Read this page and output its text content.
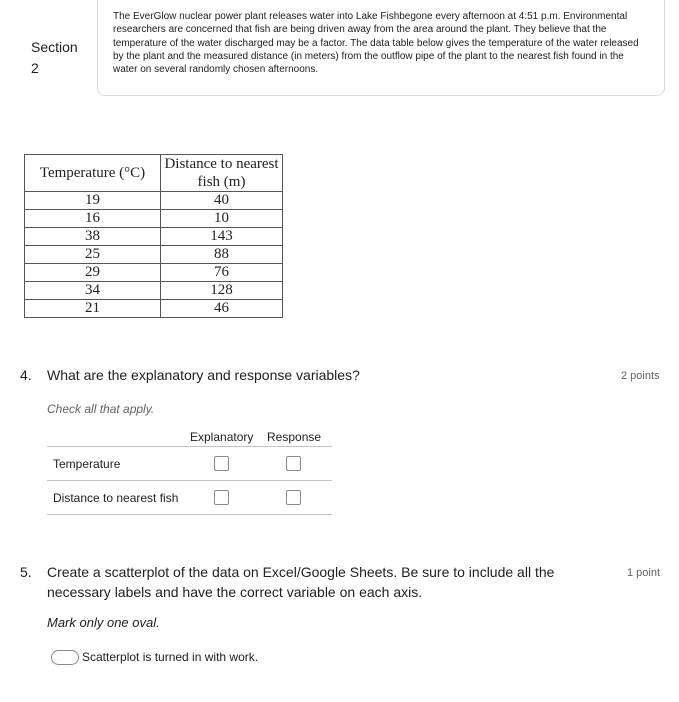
Section
2
The EverGlow nuclear power plant releases water into Lake Fishbegone every afternoon at 4:51 p.m. Environmental researchers are concerned that fish are being driven away from the area around the plant. They believe that the temperature of the water discharged may be a factor. The data table below gives the temperature of the water released by the plant and the measured distance (in meters) from the outflow pipe of the plant to the nearest fish found in the water on several randomly chosen afternoons.
Temperature (°C)	Distance to nearest fish (m)
19	40
16	10
38	143
25	88
29	76
34	128
21	46
4. What are the explanatory and response variables?	2 points
Check all that apply.
Explanatory Response
Temperature
Distance to nearest fish
5. Create a scatterplot of the data on Excel/Google Sheets. Be sure to include all the necessary labels and have the correct variable on each axis.
1 point
Mark only one oval.
Scatterplot is turned in with work.
